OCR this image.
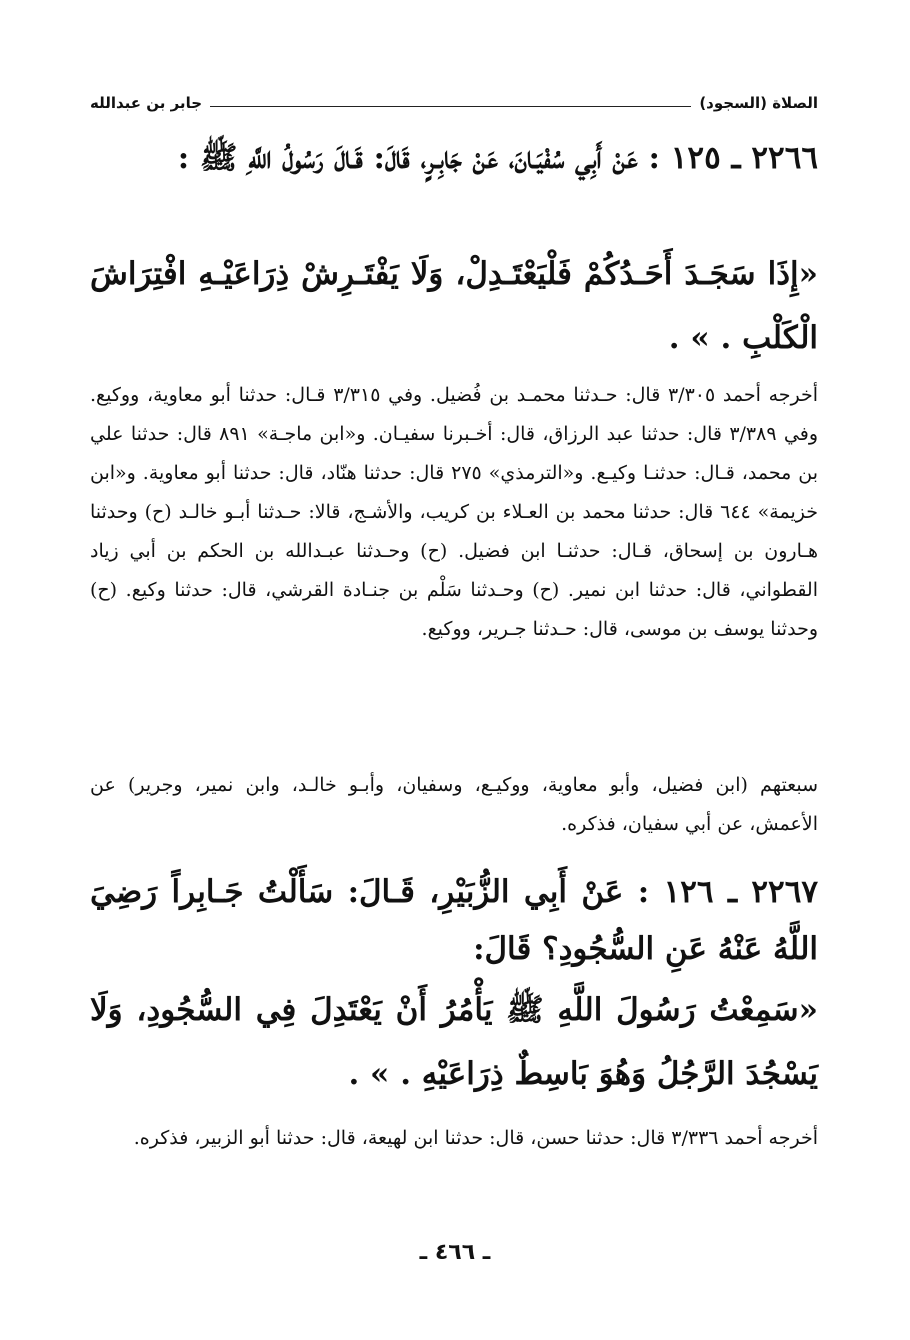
الصلاة (السجود)
جابر بن عبدالله
٢٢٦٦ ـ ١٢٥ : عَنْ أَبِي سُفْيَـانَ، عَنْ جَابِـرٍ، قَالَ: قَـالَ رَسُولُ اللَّهِ ﷺ :
«إِذَا سَجَـدَ أَحَـدُكُمْ فَلْيَعْتَـدِلْ، وَلَا يَفْتَـرِشْ ذِرَاعَيْـهِ افْتِرَاشَ الْكَلْبِ . » .
أخرجه أحمد ٣/٣٠٥ قال: حـدثنا محمـد بن فُضيل. وفي ٣/٣١٥ قـال: حدثنا أبو معاوية، ووكيع. وفي ٣/٣٨٩ قال: حدثنا عبد الرزاق، قال: أخـبرنا سفيـان. و«ابن ماجـة» ٨٩١ قال: حدثنا علي بن محمد، قـال: حدثنـا وكيـع. و«الترمذي» ٢٧٥ قال: حدثنا هنّاد، قال: حدثنا أبو معاوية. و«ابن خزيمة» ٦٤٤ قال: حدثنا محمد بن العـلاء بن كريب، والأشـج، قالا: حـدثنا أبـو خالـد (ح) وحدثنا هـارون بن إسحاق، قـال: حدثنـا ابن فضيل. (ح) وحـدثنا عبـدالله بن الحكم بن أبي زياد القطواني، قال: حدثنا ابن نمير. (ح) وحـدثنا سَلْم بن جنـادة القرشي، قال: حدثنا وكيع. (ح) وحدثنا يوسف بن موسى، قال: حـدثنا جـرير، ووكيع.
سبعتهم (ابن فضيل، وأبو معاوية، ووكيـع، وسفيان، وأبـو خالـد، وابن نمير، وجرير) عن الأعمش، عن أبي سفيان، فذكره.
٢٢٦٧ ـ ١٢٦ : عَنْ أَبِي الزُّبَيْرِ، قَـالَ: سَأَلْتُ جَـابِراً رَضِيَ اللَّهُ عَنْهُ عَنِ السُّجُودِ؟ قَالَ:
«سَمِعْتُ رَسُولَ اللَّهِ ﷺ يَأْمُرُ أَنْ يَعْتَدِلَ فِي السُّجُودِ، وَلَا يَسْجُدَ الرَّجُلُ وَهُوَ بَاسِطٌ ذِرَاعَيْهِ . » .
أخرجه أحمد ٣/٣٣٦ قال: حدثنا حسن، قال: حدثنا ابن لهيعة، قال: حدثنا أبو الزبير، فذكره.
ـ ٤٦٦ ـ
